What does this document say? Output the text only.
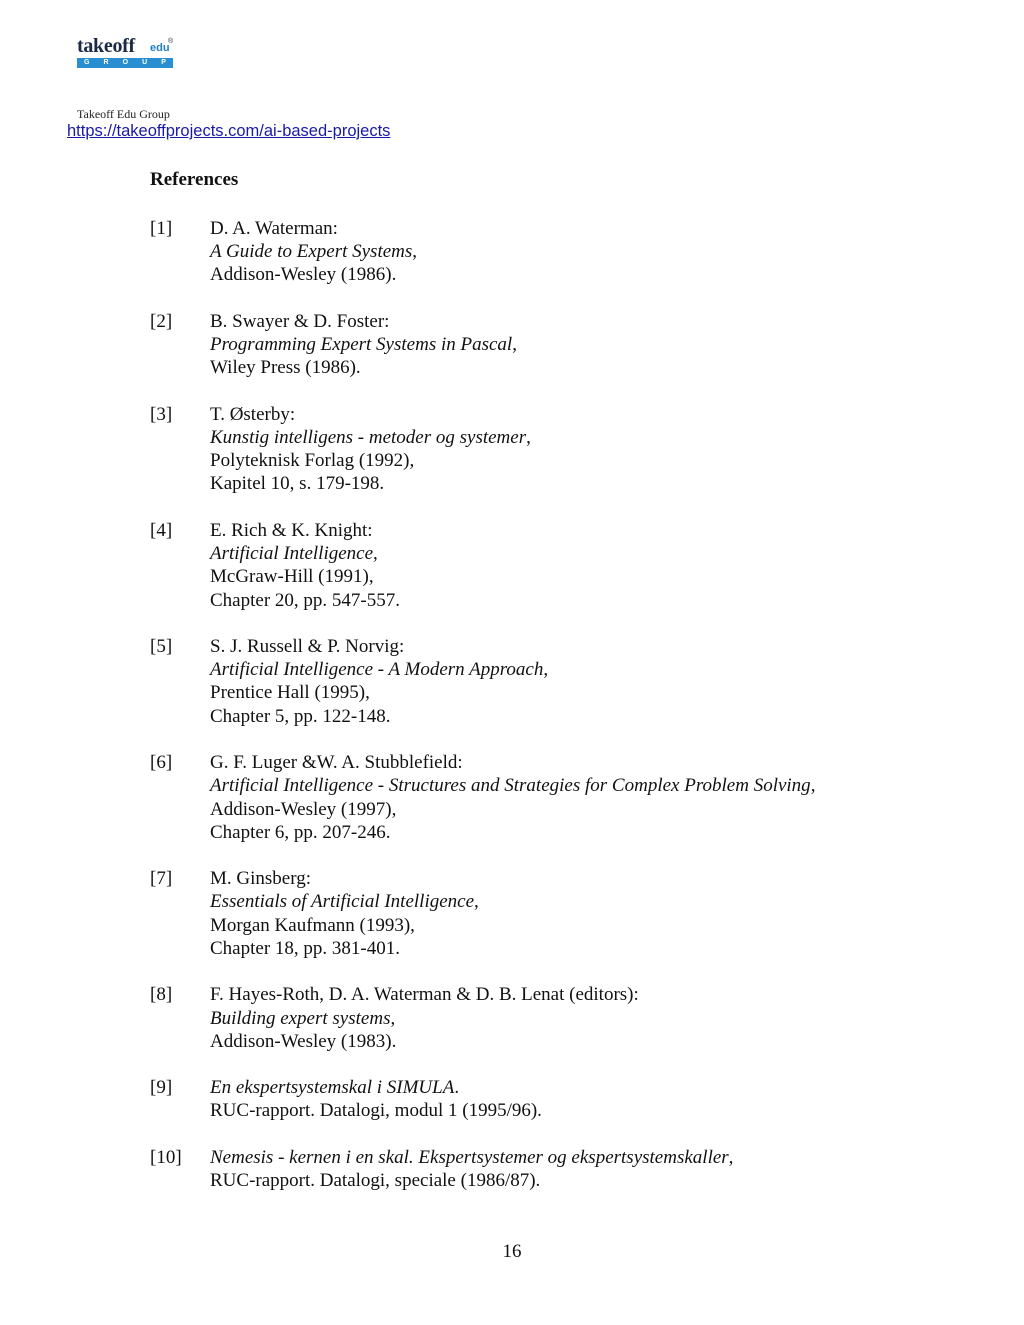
takeoff edu
®
G R O U P
Takeoff Edu Group
https://takeoffprojects.com/ai-based-projects
References
[1] D. A. Waterman:
A Guide to Expert Systems,
Addison-Wesley (1986).
[2] B. Swayer & D. Foster:
Programming Expert Systems in Pascal,
Wiley Press (1986).
[3] T. Østerby:
Kunstig intelligens - metoder og systemer,
Polyteknisk Forlag (1992),
Kapitel 10, s. 179-198.
[4] E. Rich & K. Knight:
Artificial Intelligence,
McGraw-Hill (1991),
Chapter 20, pp. 547-557.
[5] S. J. Russell & P. Norvig:
Artificial Intelligence - A Modern Approach,
Prentice Hall (1995),
Chapter 5, pp. 122-148.
[6] G. F. Luger &W. A. Stubblefield:
Artificial Intelligence - Structures and Strategies for Complex Problem Solving,
Addison-Wesley (1997),
Chapter 6, pp. 207-246.
[7] M. Ginsberg:
Essentials of Artificial Intelligence,
Morgan Kaufmann (1993),
Chapter 18, pp. 381-401.
[8] F. Hayes-Roth, D. A. Waterman & D. B. Lenat (editors):
Building expert systems,
Addison-Wesley (1983).
[9] En ekspertsystemskal i SIMULA.
RUC-rapport. Datalogi, modul 1 (1995/96).
[10] Nemesis - kernen i en skal. Ekspertsystemer og ekspertsystemskaller,
RUC-rapport. Datalogi, speciale (1986/87).
16
